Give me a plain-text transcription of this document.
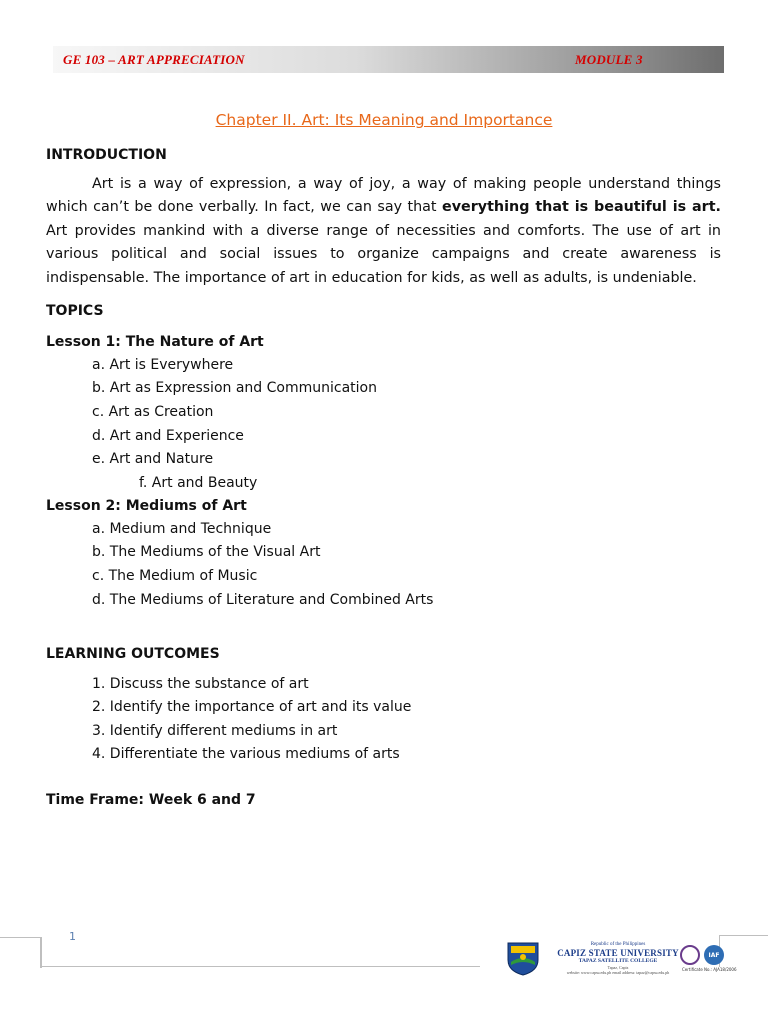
GE 103 – ART APPRECIATION	MODULE 3
Chapter II. Art: Its Meaning and Importance
INTRODUCTION
Art is a way of expression, a way of joy, a way of making people understand things which can’t be done verbally. In fact, we can say that everything that is beautiful is art. Art provides mankind with a diverse range of necessities and comforts. The use of art in various political and social issues to organize campaigns and create awareness is indispensable. The importance of art in education for kids, as well as adults, is undeniable.
TOPICS
Lesson 1: The Nature of Art
a. Art is Everywhere
b. Art as Expression and Communication
c. Art as Creation
d. Art and Experience
e. Art and Nature
f. Art and Beauty
Lesson 2: Mediums of Art
a. Medium and Technique
b. The Mediums of the Visual Art
c. The Medium of Music
d. The Mediums of Literature and Combined Arts
LEARNING OUTCOMES
1. Discuss the substance of art
2. Identify the importance of art and its value
3. Identify different mediums in art
4. Differentiate the various mediums of arts
Time Frame: Week 6 and 7
1
Republic of the Philippines
CAPIZ STATE UNIVERSITY
TAPAZ SATELLITE COLLEGE
Tapaz, Capiz
website: www.capsu.edu.ph email address: tapaz@capsu.edu.ph
IAF
Certificate No.: AJA18/2006
